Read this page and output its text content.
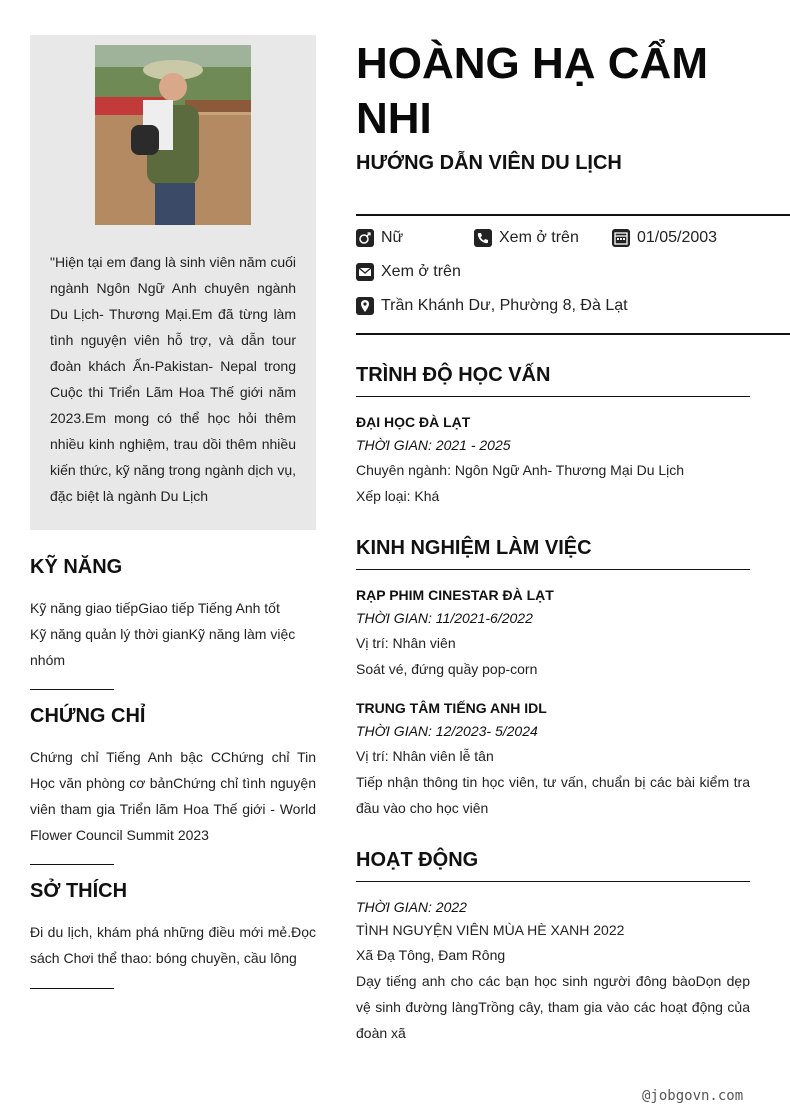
"Hiện tại em đang là sinh viên năm cuối ngành Ngôn Ngữ Anh chuyên ngành Du Lịch- Thương Mại.Em đã từng làm tình nguyện viên hỗ trợ, và dẫn tour đoàn khách Ấn-Pakistan- Nepal trong Cuộc thi Triển Lãm Hoa Thế giới năm 2023.Em mong có thể học hỏi thêm nhiều kinh nghiệm, trau dồi thêm nhiều kiến thức, kỹ năng trong ngành dịch vụ, đặc biệt là ngành Du Lịch
KỸ NĂNG
Kỹ năng giao tiếpGiao tiếp Tiếng Anh tốt
Kỹ năng quản lý thời gianKỹ năng làm việc
nhóm
CHỨNG CHỈ
Chứng chỉ Tiếng Anh bậc CChứng chỉ Tin Học văn phòng cơ bảnChứng chỉ tình nguyện viên tham gia Triển lãm Hoa Thế giới - World Flower Council Summit 2023
SỞ THÍCH
Đi du lịch, khám phá những điều mới mẻ.Đọc sách Chơi thể thao: bóng chuyền, cầu lông
HOÀNG HẠ CẨM NHI
HƯỚNG DẪN VIÊN DU LỊCH
Nữ	Xem ở trên	01/05/2003
Xem ở trên
Trần Khánh Dư, Phường 8, Đà Lạt
TRÌNH ĐỘ HỌC VẤN
ĐẠI HỌC ĐÀ LẠT
THỜI GIAN: 2021 - 2025
Chuyên ngành: Ngôn Ngữ Anh- Thương Mại Du Lịch
Xếp loại: Khá
KINH NGHIỆM LÀM VIỆC
RẠP PHIM CINESTAR ĐÀ LẠT
THỜI GIAN: 11/2021-6/2022
Vị trí: Nhân viên
Soát vé, đứng quầy pop-corn
TRUNG TÂM TIẾNG ANH IDL
THỜI GIAN: 12/2023- 5/2024
Vị trí: Nhân viên lễ tân
Tiếp nhận thông tin học viên, tư vấn, chuẩn bị các bài kiểm tra đầu vào cho học viên
HOẠT ĐỘNG
THỜI GIAN: 2022
TÌNH NGUYỆN VIÊN MÙA HÈ XANH 2022
Xã Đạ Tông, Đam Rông
Dạy tiếng anh cho các bạn học sinh người đông bàoDọn dẹp vệ sinh đường làngTrồng cây, tham gia vào các hoạt động của đoàn xã
@jobgovn.com
